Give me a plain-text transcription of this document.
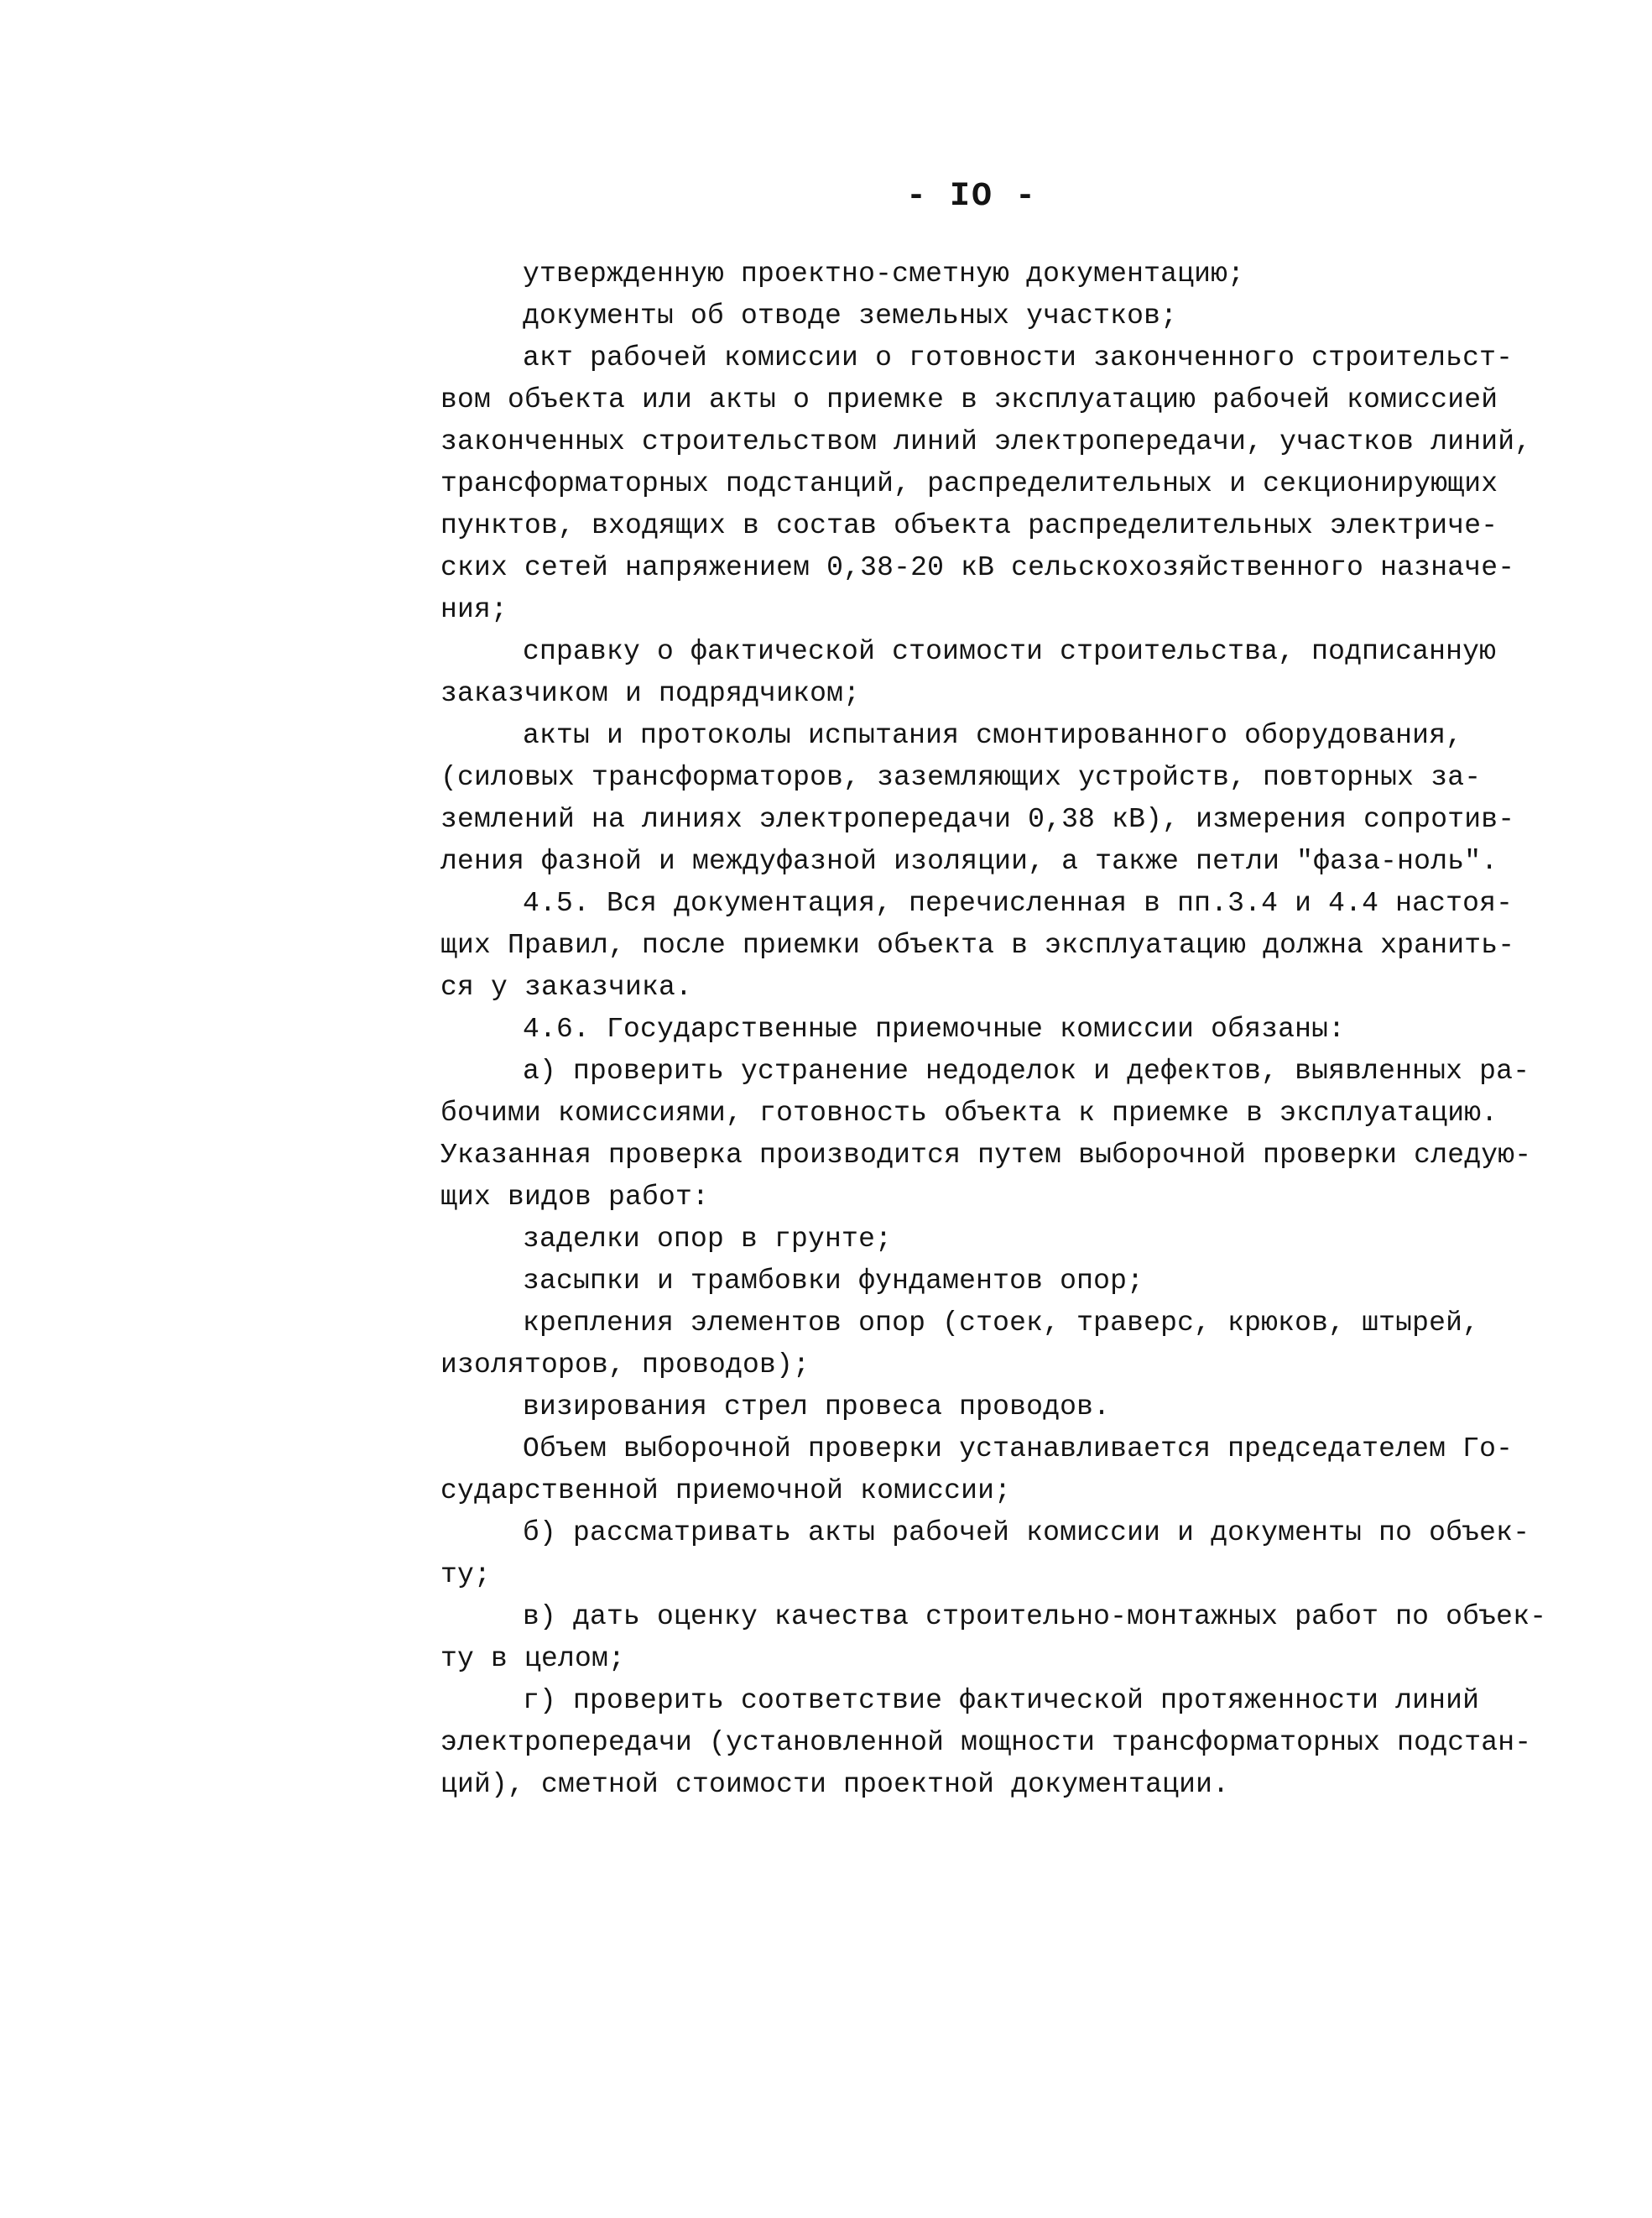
- IO -
утвержденную проектно-сметную документацию;
документы об отводе земельных участков;
акт рабочей комиссии о готовности законченного строительст-
вом объекта или акты о приемке в эксплуатацию рабочей комиссией
законченных строительством линий электропередачи, участков линий,
трансформаторных подстанций, распределительных и секционирующих
пунктов, входящих в состав объекта распределительных электриче-
ских сетей напряжением 0,38-20 кВ сельскохозяйственного назначе-
ния;
справку о фактической стоимости строительства, подписанную
заказчиком и подрядчиком;
акты и протоколы испытания смонтированного оборудования,
(силовых трансформаторов, заземляющих устройств, повторных за-
землений на линиях электропередачи 0,38 кВ), измерения сопротив-
ления фазной и междуфазной изоляции, а также петли "фаза-ноль".
4.5. Вся документация, перечисленная в пп.3.4 и 4.4 настоя-
щих Правил, после приемки объекта в эксплуатацию должна хранить-
ся у заказчика.
4.6. Государственные приемочные комиссии обязаны:
а) проверить устранение недоделок и дефектов, выявленных ра-
бочими комиссиями, готовность объекта к приемке в эксплуатацию.
Указанная проверка производится путем выборочной проверки следую-
щих видов работ:
заделки опор в грунте;
засыпки и трамбовки фундаментов опор;
крепления элементов опор (стоек, траверс, крюков, штырей,
изоляторов, проводов);
визирования стрел провеса проводов.
Объем выборочной проверки устанавливается председателем Го-
сударственной приемочной комиссии;
б) рассматривать акты рабочей комиссии и документы по объек-
ту;
в) дать оценку качества строительно-монтажных работ по объек-
ту в целом;
г) проверить соответствие фактической протяженности линий
электропередачи (установленной мощности трансформаторных подстан-
ций), сметной стоимости проектной документации.
